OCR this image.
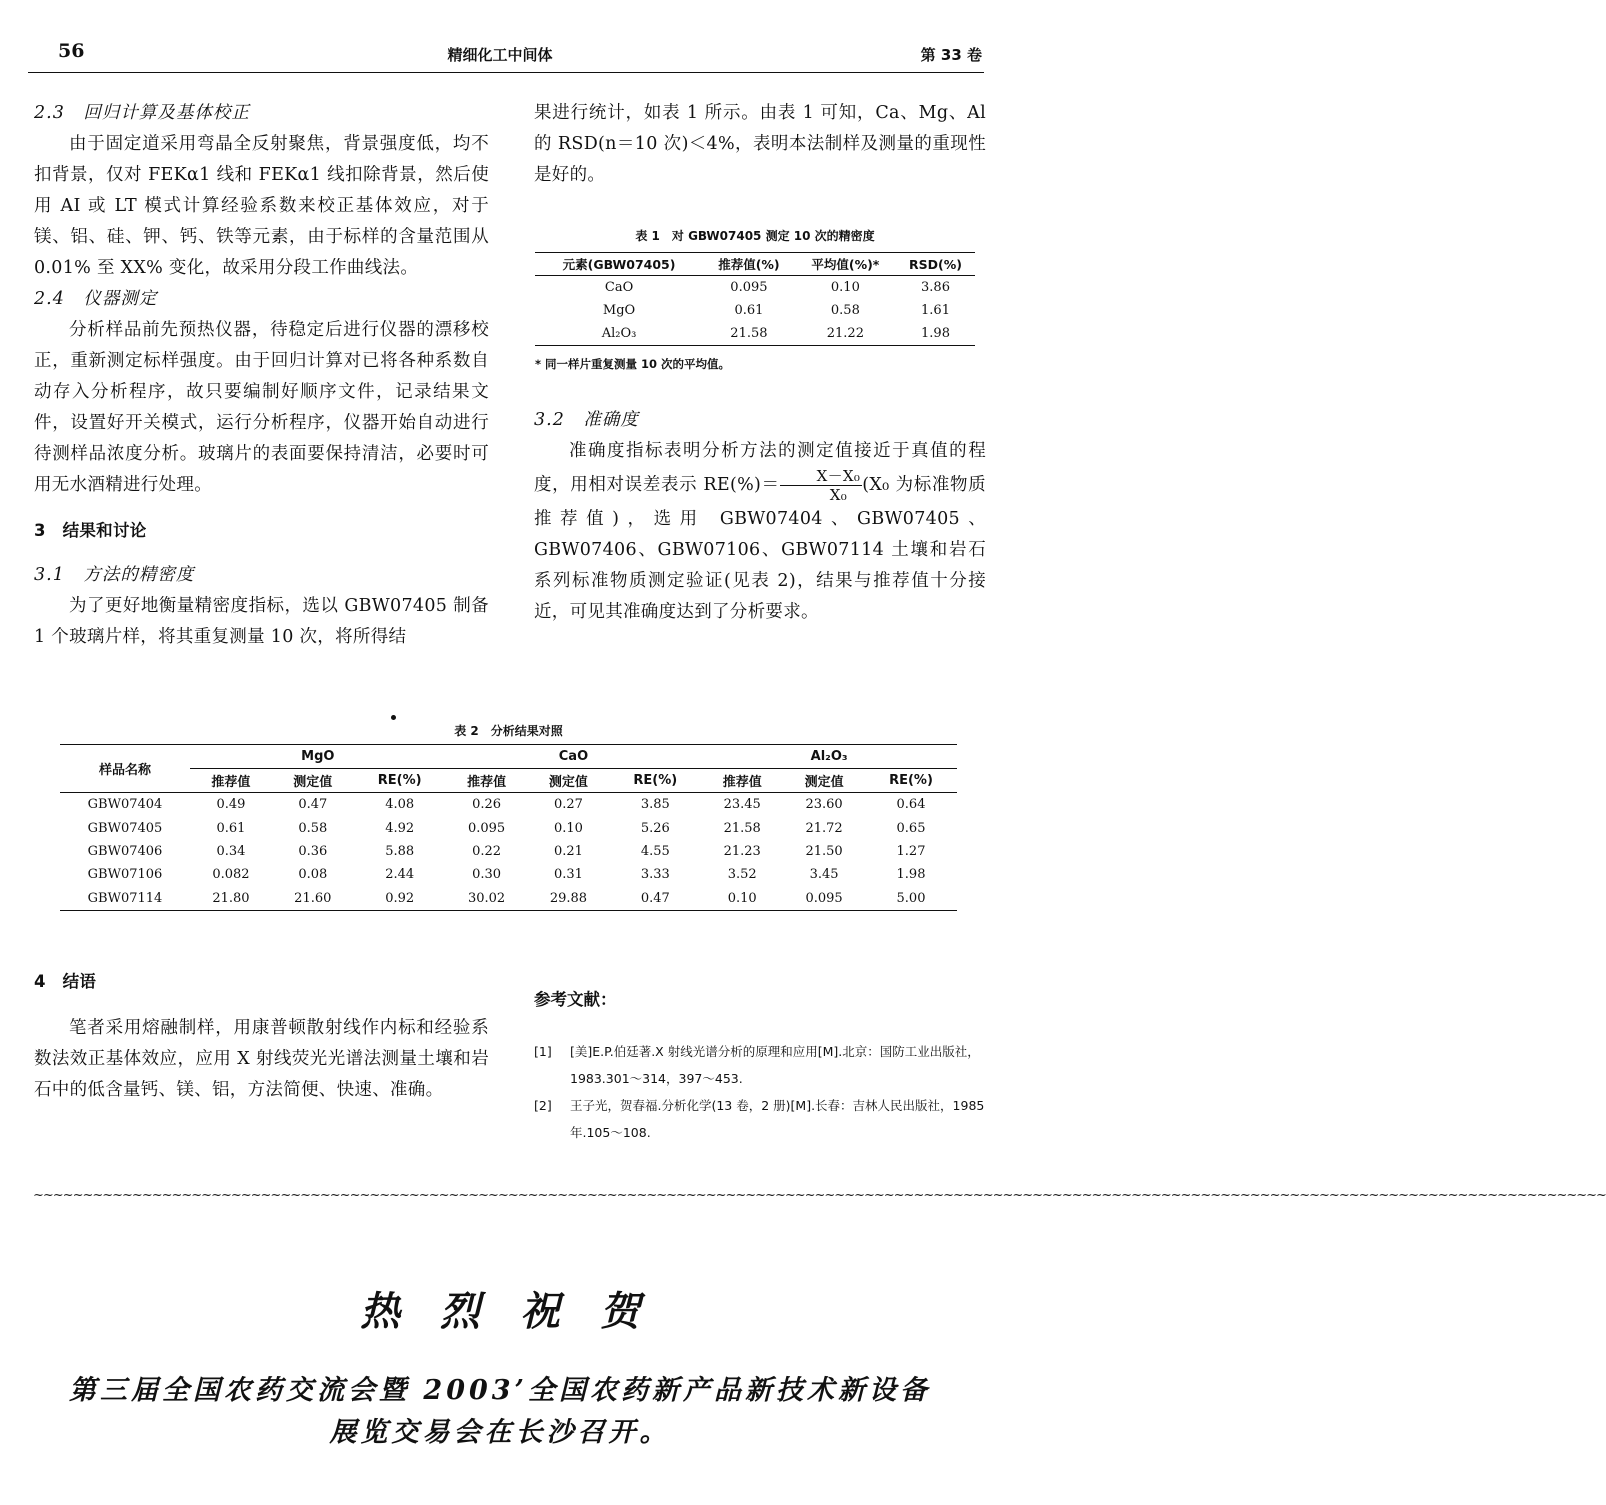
56	精细化工中间体	第 33 卷

2.3　回归计算及基体校正

由于固定道采用弯晶全反射聚焦，背景强度低，均不扣背景，仅对 FEKα1 线和 FEKα1 线扣除背景，然后使用 AI 或 LT 模式计算经验系数来校正基体效应，对于镁、铝、硅、钾、钙、铁等元素，由于标样的含量范围从 0.01% 至 XX% 变化，故采用分段工作曲线法。

2.4　仪器测定

分析样品前先预热仪器，待稳定后进行仪器的漂移校正，重新测定标样强度。由于回归计算对已将各种系数自动存入分析程序，故只要编制好顺序文件，记录结果文件，设置好开关模式，运行分析程序，仪器开始自动进行待测样品浓度分析。玻璃片的表面要保持清洁，必要时可用无水酒精进行处理。

3　结果和讨论

3.1　方法的精密度

为了更好地衡量精密度指标，选以 GBW07405 制备 1 个玻璃片样，将其重复测量 10 次，将所得结

果进行统计，如表 1 所示。由表 1 可知，Ca、Mg、Al 的 RSD(n＝10 次)＜4%，表明本法制样及测量的重现性是好的。

表 1　对 GBW07405 测定 10 次的精密度
元素(GBW07405)	推荐值(%)	平均值(%)*	RSD(%)
CaO	0.095	0.10	3.86
MgO	0.61	0.58	1.61
Al₂O₃	21.58	21.22	1.98
* 同一样片重复测量 10 次的平均值。

3.2　准确度

准确度指标表明分析方法的测定值接近于真值的程度，用相对误差表示 $RE(\%)= \frac{\text{X－X₀}}{\text{X₀}} (X_0$ 为标准物质推荐值)，选用 GBW07404、GBW07405、GBW07406、GBW07106、GBW07114 土壤和岩石系列标准物质测定验证(见表 2)，结果与推荐值十分接近，可见其准确度达到了分析要求。

表 2　分析结果对照
样品名称	MgO			CaO			Al₂O₃		
	推荐值	测定值	RE(%)	推荐值	测定值	RE(%)	推荐值	测定值	RE(%)
GBW07404	0.49	0.47	4.08	0.26	0.27	3.85	23.45	23.60	0.64
GBW07405	0.61	0.58	4.92	0.095	0.10	5.26	21.58	21.72	0.65
GBW07406	0.34	0.36	5.88	0.22	0.21	4.55	21.23	21.50	1.27
GBW07106	0.082	0.08	2.44	0.30	0.31	3.33	3.52	3.45	1.98
GBW07114	21.80	21.60	0.92	30.02	29.88	0.47	0.10	0.095	5.00

4　结语

笔者采用熔融制样，用康普顿散射线作内标和经验系数法效正基体效应，应用 X 射线荧光光谱法测量土壤和岩石中的低含量钙、镁、铝，方法简便、快速、准确。

参考文献：
[1]	[美]E.P.伯廷著.X 射线光谱分析的原理和应用[M].北京：国防工业出版社，1983.301～314，397～453.
[2]	王子光，贺春福.分析化学(13 卷，2 册)[M].长春：吉林人民出版社，1985 年.105～108.
~~~~~~~~~~~~~~~~~~~~~~~~~~~~~~~~~~~~~~~~~~~~~~~~~~~~~~~~~~~~~~~~~~~~~~~~~~~~~~~~~~~~~~~~~~~~~~~~~~~~~~~~~~~~~~~~~~~~~~~~~~~~~~~~~~~~~~~~~~~~~~~~~~~~~~~~~~~~~~~
热烈祝贺
第三届全国农药交流会暨 2003’全国农药新产品新技术新设备展览交易会在长沙召开。
